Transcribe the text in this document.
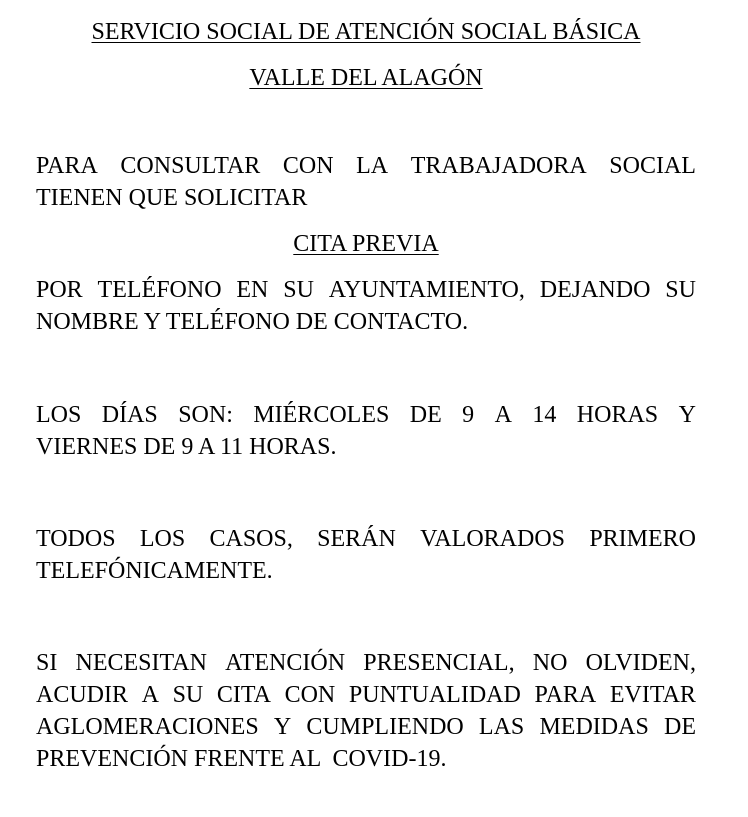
SERVICIO SOCIAL DE ATENCIÓN SOCIAL BÁSICA

VALLE DEL ALAGÓN

PARA CONSULTAR CON LA TRABAJADORA SOCIAL
TIENEN QUE SOLICITAR

CITA PREVIA

POR TELÉFONO EN SU AYUNTAMIENTO, DEJANDO SU
NOMBRE Y TELÉFONO DE CONTACTO.
LOS DÍAS SON: MIÉRCOLES DE 9 A 14 HORAS Y
VIERNES DE 9 A 11 HORAS.
TODOS LOS CASOS, SERÁN VALORADOS PRIMERO
TELEFÓNICAMENTE.
SI NECESITAN ATENCIÓN PRESENCIAL, NO OLVIDEN,
ACUDIR A SU CITA CON PUNTUALIDAD PARA EVITAR
AGLOMERACIONES Y CUMPLIENDO LAS MEDIDAS DE
PREVENCIÓN FRENTE AL  COVID-19.
